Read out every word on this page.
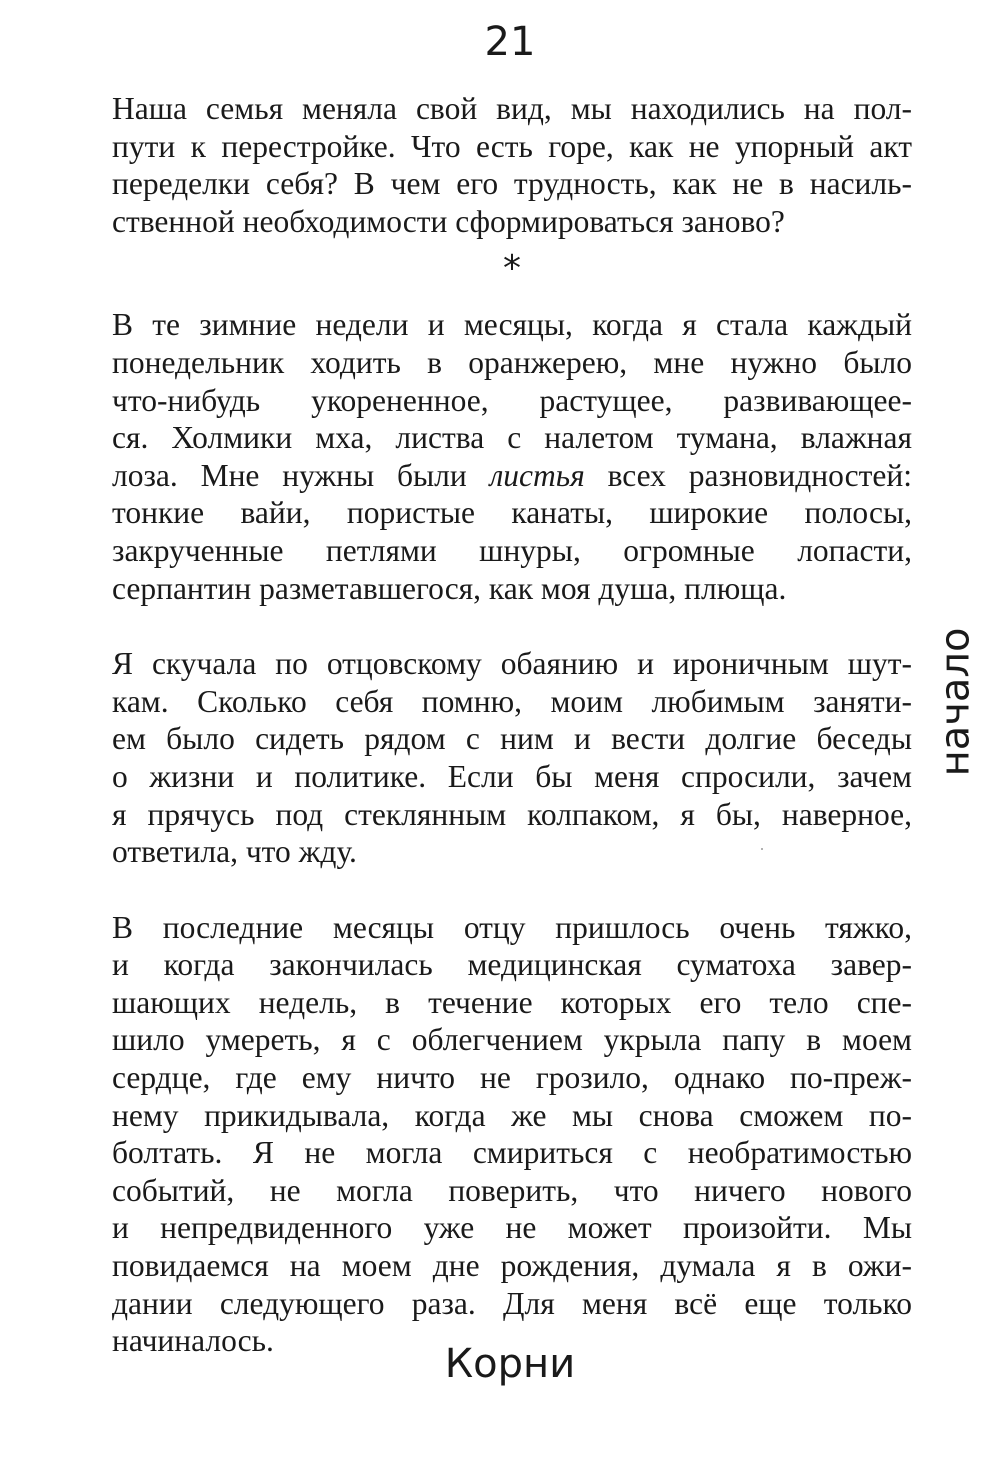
21

Наша семья меняла свой вид, мы находились на пол-
пути к перестройке. Что есть горе, как не упорный акт
переделки себя? В чем его трудность, как не в насиль-
ственной необходимости сформироваться заново?

*

В те зимние недели и месяцы, когда я стала каждый
понедельник ходить в оранжерею, мне нужно было
что-нибудь укорененное, растущее, развивающее-
ся. Холмики мха, листва с налетом тумана, влажная
лоза. Мне нужны были листья всех разновидностей:
тонкие вайи, пористые канаты, широкие полосы,
закрученные петлями шнуры, огромные лопасти,
серпантин разметавшегося, как моя душа, плюща.

Я скучала по отцовскому обаянию и ироничным шут-
кам. Сколько себя помню, моим любимым заняти-
ем было сидеть рядом с ним и вести долгие беседы
о жизни и политике. Если бы меня спросили, зачем
я прячусь под стеклянным колпаком, я бы, наверное,
ответила, что жду.

В последние месяцы отцу пришлось очень тяжко,
и когда закончилась медицинская суматоха завер-
шающих недель, в течение которых его тело спе-
шило умереть, я с облегчением укрыла папу в моем
сердце, где ему ничто не грозило, однако по-преж-
нему прикидывала, когда же мы снова сможем по-
болтать. Я не могла смириться с необратимостью
событий, не могла поверить, что ничего нового
и непредвиденного уже не может произойти. Мы
повидаемся на моем дне рождения, думала я в ожи-
дании следующего раза. Для меня всё еще только
начиналось.

начало
Корни
